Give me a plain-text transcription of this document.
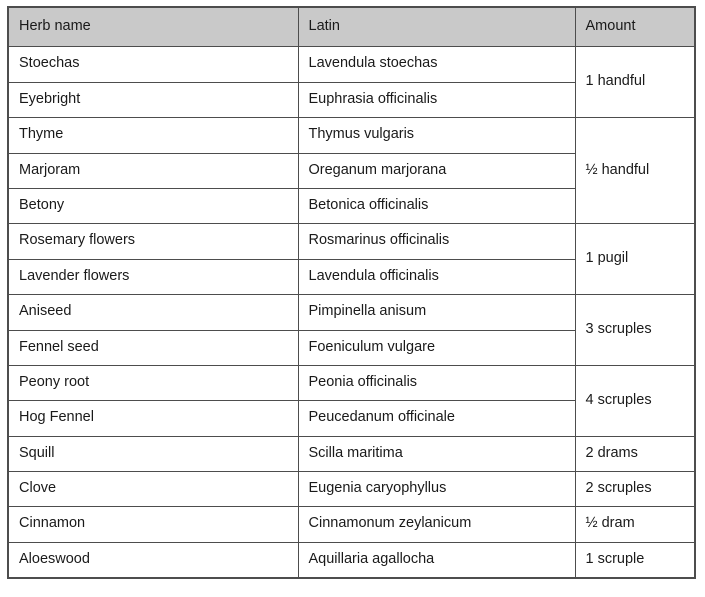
Herb name	Latin	Amount
Stoechas	Lavendula stoechas	1 handful
Eyebright	Euphrasia officinalis	
Thyme	Thymus vulgaris	½ handful
Marjoram	Oreganum marjorana	
Betony	Betonica officinalis	
Rosemary flowers	Rosmarinus officinalis	1 pugil
Lavender flowers	Lavendula officinalis	
Aniseed	Pimpinella anisum	3 scruples
Fennel seed	Foeniculum vulgare	
Peony root	Peonia officinalis	4 scruples
Hog Fennel	Peucedanum officinale	
Squill	Scilla maritima	2 drams
Clove	Eugenia caryophyllus	2 scruples
Cinnamon	Cinnamonum zeylanicum	½ dram
Aloeswood	Aquillaria agallocha	1 scruple
